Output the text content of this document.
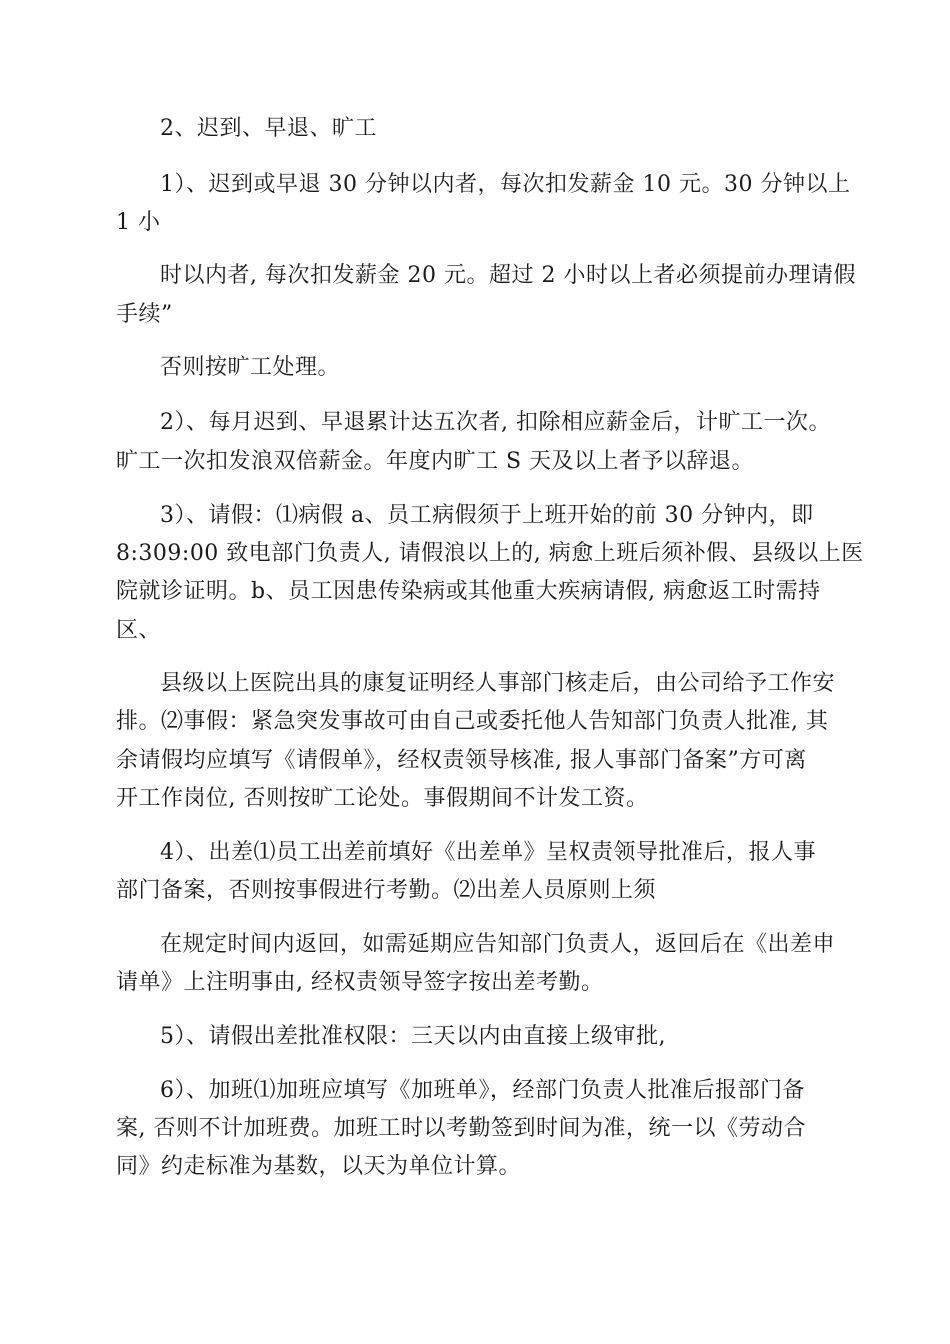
2、迟到、早退、旷工
1）、迟到或早退 30 分钟以内者，每次扣发薪金 10 元。30 分钟以上
1 小
时以内者, 每次扣发薪金 20 元。超过 2 小时以上者必须提前办理请假
手续”
否则按旷工处理。
2）、每月迟到、早退累计达五次者, 扣除相应薪金后，计旷工一次。
旷工一次扣发浪双倍薪金。年度内旷工 S 天及以上者予以辞退。
3）、请假：⑴病假 a、员工病假须于上班开始的前 30 分钟内，即
8:309:00 致电部门负责人, 请假浪以上的, 病愈上班后须补假、县级以上医
院就诊证明。b、员工因患传染病或其他重大疾病请假, 病愈返工时需持
区、
县级以上医院出具的康复证明经人事部门核走后，由公司给予工作安
排。⑵事假：紧急突发事故可由自己或委托他人告知部门负责人批准, 其
余请假均应填写《请假单》，经权责领导核准, 报人事部门备案”方可离
开工作岗位, 否则按旷工论处。事假期间不计发工资。
4）、出差⑴员工出差前填好《出差单》呈权责领导批准后，报人事
部门备案，否则按事假进行考勤。⑵出差人员原则上须
在规定时间内返回，如需延期应告知部门负责人，返回后在《出差申
请单》上注明事由, 经权责领导签字按出差考勤。
5）、请假出差批准权限：三天以内由直接上级审批,
6）、加班⑴加班应填写《加班单》，经部门负责人批准后报部门备
案, 否则不计加班费。加班工时以考勤签到时间为准，统一以《劳动合
同》约走标准为基数，以天为单位计算。
